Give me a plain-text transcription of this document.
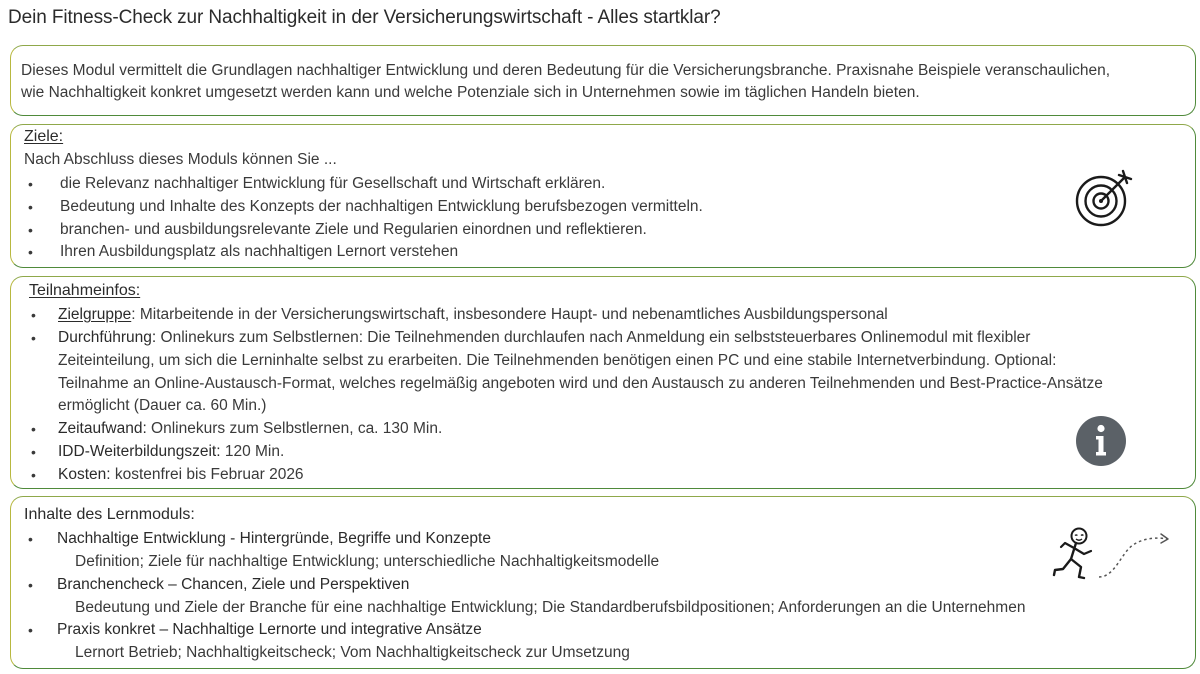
Dein Fitness-Check zur Nachhaltigkeit in der Versicherungswirtschaft - Alles startklar?
Dieses Modul vermittelt die Grundlagen nachhaltiger Entwicklung und deren Bedeutung für die Versicherungsbranche. Praxisnahe Beispiele veranschaulichen,
wie Nachhaltigkeit konkret umgesetzt werden kann und welche Potenziale sich in Unternehmen sowie im täglichen Handeln bieten.
Ziele:
Nach Abschluss dieses Moduls können Sie ...
• die Relevanz nachhaltiger Entwicklung für Gesellschaft und Wirtschaft erklären.
• Bedeutung und Inhalte des Konzepts der nachhaltigen Entwicklung berufsbezogen vermitteln.
• branchen- und ausbildungsrelevante Ziele und Regularien einordnen und reflektieren.
• Ihren Ausbildungsplatz als nachhaltigen Lernort verstehen
Teilnahmeinfos:
• Zielgruppe: Mitarbeitende in der Versicherungswirtschaft, insbesondere Haupt- und nebenamtliches Ausbildungspersonal
• Durchführung: Onlinekurs zum Selbstlernen: Die Teilnehmenden durchlaufen nach Anmeldung ein selbststeuerbares Onlinemodul mit flexibler
Zeiteinteilung, um sich die Lerninhalte selbst zu erarbeiten. Die Teilnehmenden benötigen einen PC und eine stabile Internetverbindung. Optional:
Teilnahme an Online-Austausch-Format, welches regelmäßig angeboten wird und den Austausch zu anderen Teilnehmenden und Best-Practice-Ansätze
ermöglicht (Dauer ca. 60 Min.)
• Zeitaufwand: Onlinekurs zum Selbstlernen, ca. 130 Min.
• IDD-Weiterbildungszeit: 120 Min.
• Kosten: kostenfrei bis Februar 2026
Inhalte des Lernmoduls:
• Nachhaltige Entwicklung - Hintergründe, Begriffe und Konzepte
Definition; Ziele für nachhaltige Entwicklung; unterschiedliche Nachhaltigkeitsmodelle
• Branchencheck – Chancen, Ziele und Perspektiven
Bedeutung und Ziele der Branche für eine nachhaltige Entwicklung; Die Standardberufsbildpositionen; Anforderungen an die Unternehmen
• Praxis konkret – Nachhaltige Lernorte und integrative Ansätze
Lernort Betrieb; Nachhaltigkeitscheck; Vom Nachhaltigkeitscheck zur Umsetzung
